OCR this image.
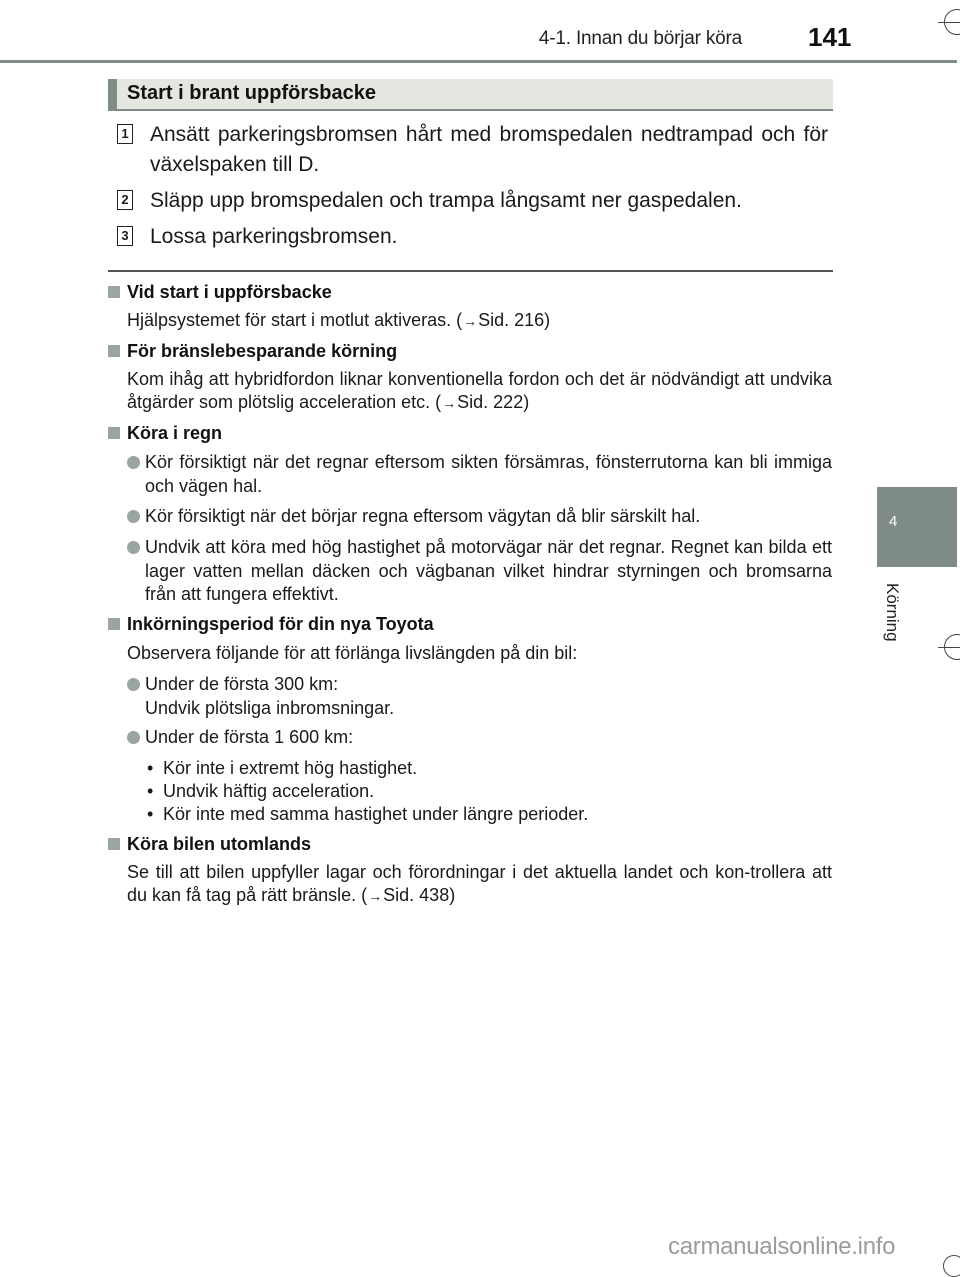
4-1. Innan du börjar köra	141
Start i brant uppförsbacke
1 Ansätt parkeringsbromsen hårt med bromspedalen nedtrampad och för växelspaken till D.
2 Släpp upp bromspedalen och trampa långsamt ner gaspedalen.
3 Lossa parkeringsbromsen.
Vid start i uppförsbacke
Hjälpsystemet för start i motlut aktiveras. (→Sid. 216)
För bränslebesparande körning
Kom ihåg att hybridfordon liknar konventionella fordon och det är nödvändigt att undvika åtgärder som plötslig acceleration etc. (→Sid. 222)
Köra i regn
Kör försiktigt när det regnar eftersom sikten försämras, fönsterrutorna kan bli immiga och vägen hal.
Kör försiktigt när det börjar regna eftersom vägytan då blir särskilt hal.
Undvik att köra med hög hastighet på motorvägar när det regnar. Regnet kan bilda ett lager vatten mellan däcken och vägbanan vilket hindrar styrningen och bromsarna från att fungera effektivt.
Inkörningsperiod för din nya Toyota
Observera följande för att förlänga livslängden på din bil:
Under de första 300 km:
Undvik plötsliga inbromsningar.
Under de första 1 600 km:
• Kör inte i extremt hög hastighet.
• Undvik häftig acceleration.
• Kör inte med samma hastighet under längre perioder.
Köra bilen utomlands
Se till att bilen uppfyller lagar och förordningar i det aktuella landet och kon-trollera att du kan få tag på rätt bränsle. (→Sid. 438)
4
Körning
carmanualsonline.info
